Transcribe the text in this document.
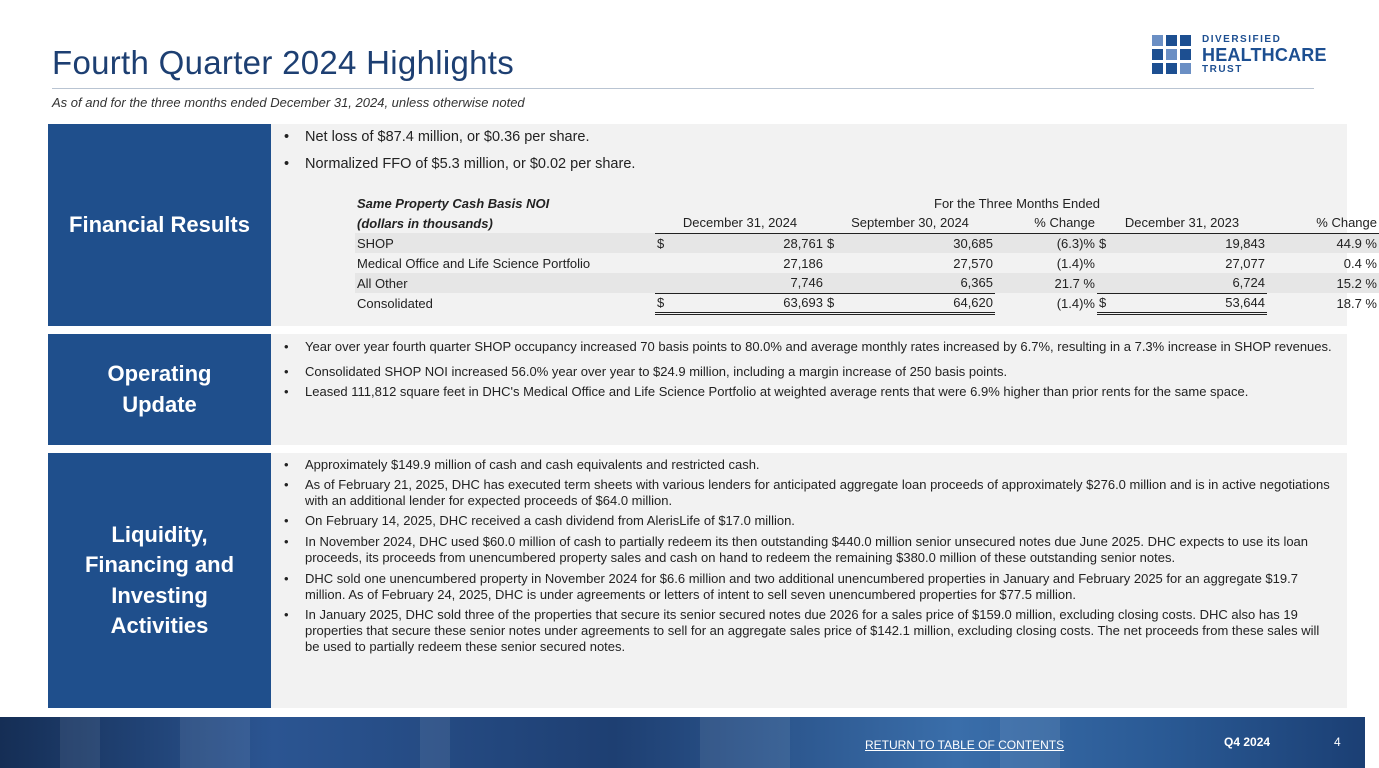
Fourth Quarter 2024 Highlights
As of and for the three months ended December 31, 2024, unless otherwise noted
DIVERSIFIED
HEALTHCARE
TRUST
Financial Results
• Net loss of $87.4 million, or $0.36 per share.
• Normalized FFO of $5.3 million, or $0.02 per share.
Same Property Cash Basis NOI	For the Three Months Ended							
(dollars in thousands)	December 31, 2024		September 30, 2024		% Change	December 31, 2023		% Change
SHOP	$	28,761	$	30,685	(6.3)%	$	19,843	44.9 %
Medical Office and Life Science Portfolio		27,186		27,570	(1.4)%		27,077	0.4 %
All Other		7,746		6,365	21.7 %		6,724	15.2 %
Consolidated	$	63,693	$	64,620	(1.4)%	$	53,644	18.7 %
Operating
Update
• Year over year fourth quarter SHOP occupancy increased 70 basis points to 80.0% and average monthly rates increased by 6.7%, resulting in a 7.3% increase in SHOP revenues.
• Consolidated SHOP NOI increased 56.0% year over year to $24.9 million, including a margin increase of 250 basis points.
• Leased 111,812 square feet in DHC's Medical Office and Life Science Portfolio at weighted average rents that were 6.9% higher than prior rents for the same space.
Liquidity,
Financing and
Investing
Activities
• Approximately $149.9 million of cash and cash equivalents and restricted cash.
• As of February 21, 2025, DHC has executed term sheets with various lenders for anticipated aggregate loan proceeds of approximately $276.0 million and is in active negotiations with an additional lender for expected proceeds of $64.0 million.
• On February 14, 2025, DHC received a cash dividend from AlerisLife of $17.0 million.
• In November 2024, DHC used $60.0 million of cash to partially redeem its then outstanding $440.0 million senior unsecured notes due June 2025. DHC expects to use its loan proceeds, its proceeds from unencumbered property sales and cash on hand to redeem the remaining $380.0 million of these outstanding senior notes.
• DHC sold one unencumbered property in November 2024 for $6.6 million and two additional unencumbered properties in January and February 2025 for an aggregate $19.7 million. As of February 24, 2025, DHC is under agreements or letters of intent to sell seven unencumbered properties for $77.5 million.
• In January 2025, DHC sold three of the properties that secure its senior secured notes due 2026 for a sales price of $159.0 million, excluding closing costs. DHC also has 19 properties that secure these senior notes under agreements to sell for an aggregate sales price of $142.1 million, excluding closing costs. The net proceeds from these sales will be used to partially redeem these senior secured notes.
RETURN TO TABLE OF CONTENTS	Q4 2024	4
